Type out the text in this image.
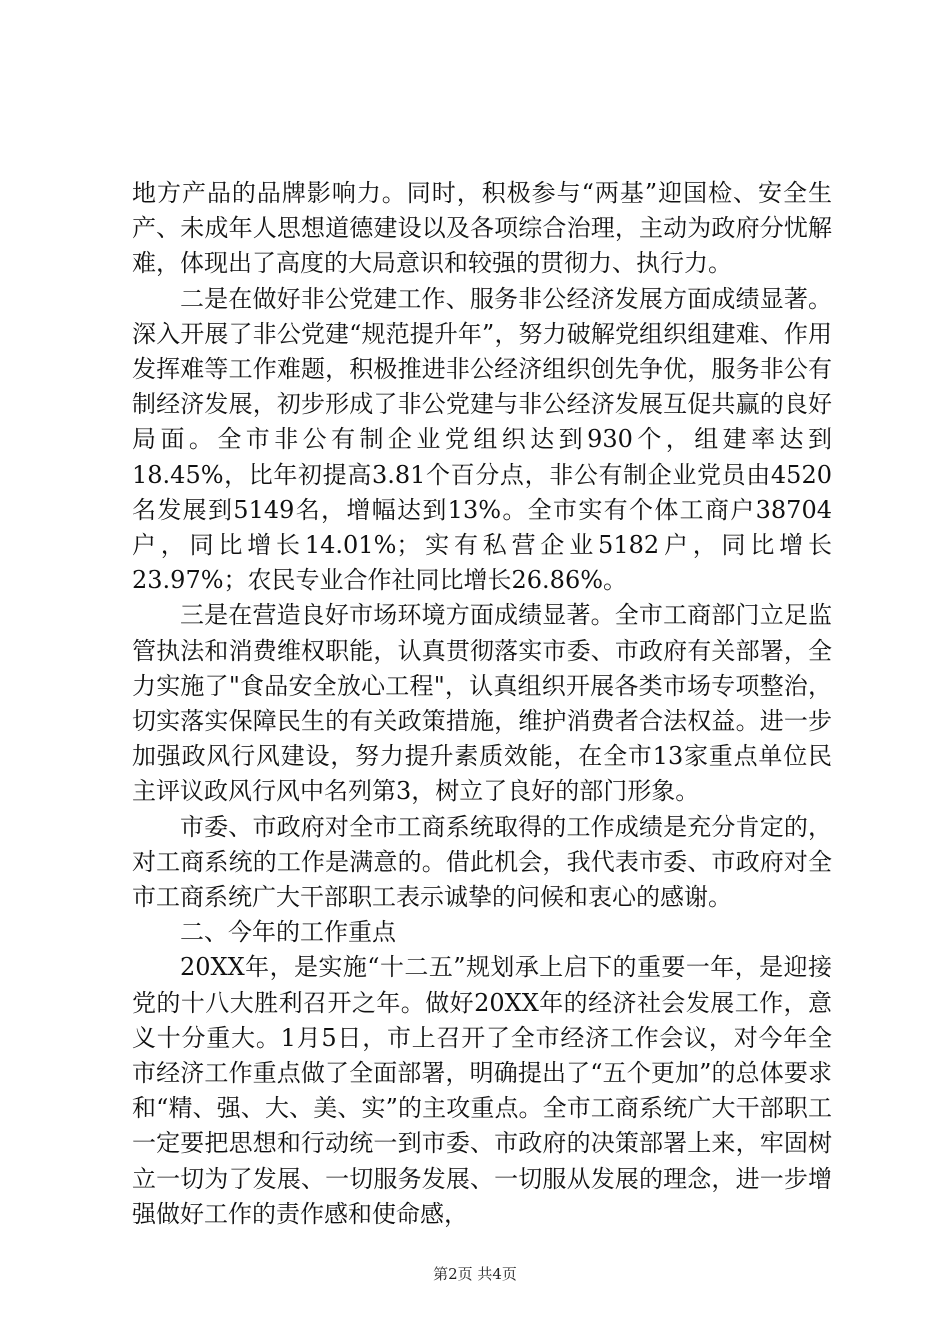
地方产品的品牌影响力。同时，积极参与“两基”迎国检、安全生产、未成年人思想道德建设以及各项综合治理，主动为政府分忧解难，体现出了高度的大局意识和较强的贯彻力、执行力。

二是在做好非公党建工作、服务非公经济发展方面成绩显著。深入开展了非公党建“规范提升年”，努力破解党组织组建难、作用发挥难等工作难题，积极推进非公经济组织创先争优，服务非公有制经济发展，初步形成了非公党建与非公经济发展互促共赢的良好局面。全市非公有制企业党组织达到930个，组建率达到18.45%，比年初提高3.81个百分点，非公有制企业党员由4520名发展到5149名，增幅达到13%。全市实有个体工商户38704户，同比增长14.01%；实有私营企业5182户，同比增长23.97%；农民专业合作社同比增长26.86%。

三是在营造良好市场环境方面成绩显著。全市工商部门立足监管执法和消费维权职能，认真贯彻落实市委、市政府有关部署，全力实施了"食品安全放心工程"，认真组织开展各类市场专项整治，切实落实保障民生的有关政策措施，维护消费者合法权益。进一步加强政风行风建设，努力提升素质效能，在全市13家重点单位民主评议政风行风中名列第3，树立了良好的部门形象。

市委、市政府对全市工商系统取得的工作成绩是充分肯定的，对工商系统的工作是满意的。借此机会，我代表市委、市政府对全市工商系统广大干部职工表示诚挚的问候和衷心的感谢。

二、今年的工作重点

20XX年，是实施“十二五”规划承上启下的重要一年，是迎接党的十八大胜利召开之年。做好20XX年的经济社会发展工作，意义十分重大。1月5日，市上召开了全市经济工作会议，对今年全市经济工作重点做了全面部署，明确提出了“五个更加”的总体要求和“精、强、大、美、实”的主攻重点。全市工商系统广大干部职工一定要把思想和行动统一到市委、市政府的决策部署上来，牢固树立一切为了发展、一切服务发展、一切服从发展的理念，进一步增强做好工作的责作感和使命感，

第2页 共4页
